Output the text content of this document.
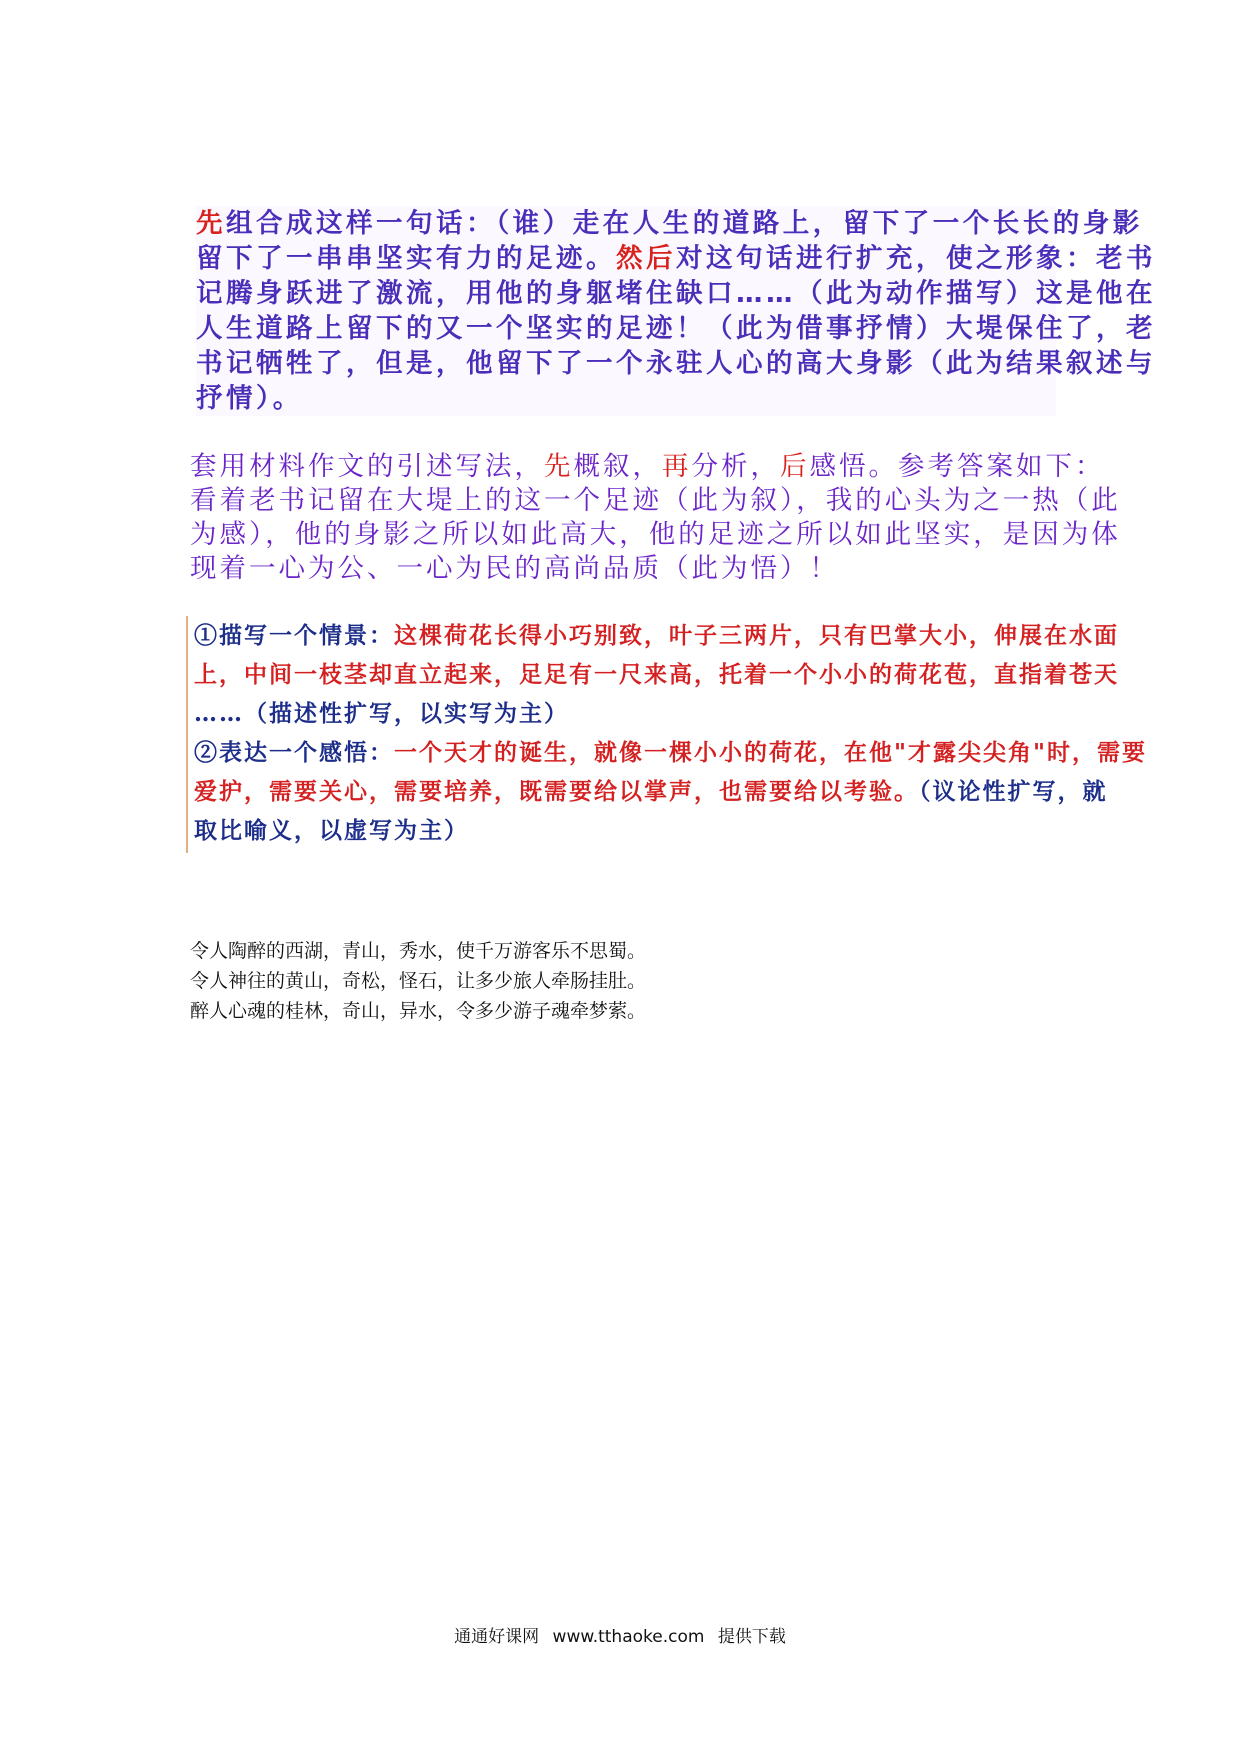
先组合成这样一句话：（谁）走在人生的道路上，留下了一个长长的身影
留下了一串串坚实有力的足迹。然后对这句话进行扩充，使之形象：老书
记腾身跃进了激流，用他的身躯堵住缺口……（此为动作描写）这是他在
人生道路上留下的又一个坚实的足迹！（此为借事抒情）大堤保住了，老
书记牺牲了，但是，他留下了一个永驻人心的高大身影（此为结果叙述与
抒情）。
套用材料作文的引述写法，先概叙，再分析，后感悟。参考答案如下：
看着老书记留在大堤上的这一个足迹（此为叙），我的心头为之一热（此
为感），他的身影之所以如此高大，他的足迹之所以如此坚实，是因为体
现着一心为公、一心为民的高尚品质（此为悟）！
①描写一个情景：这棵荷花长得小巧别致，叶子三两片，只有巴掌大小，伸展在水面
上，中间一枝茎却直立起来，足足有一尺来高，托着一个小小的荷花苞，直指着苍天
……（描述性扩写，以实写为主）
②表达一个感悟：一个天才的诞生，就像一棵小小的荷花，在他"才露尖尖角"时，需要
爱护，需要关心，需要培养，既需要给以掌声，也需要给以考验。（议论性扩写，就
取比喻义，以虚写为主）
令人陶醉的西湖，青山，秀水，使千万游客乐不思蜀。
令人神往的黄山，奇松，怪石，让多少旅人牵肠挂肚。
醉人心魂的桂林，奇山，异水，令多少游子魂牵梦萦。
通通好课网 www.tthaoke.com 提供下载
